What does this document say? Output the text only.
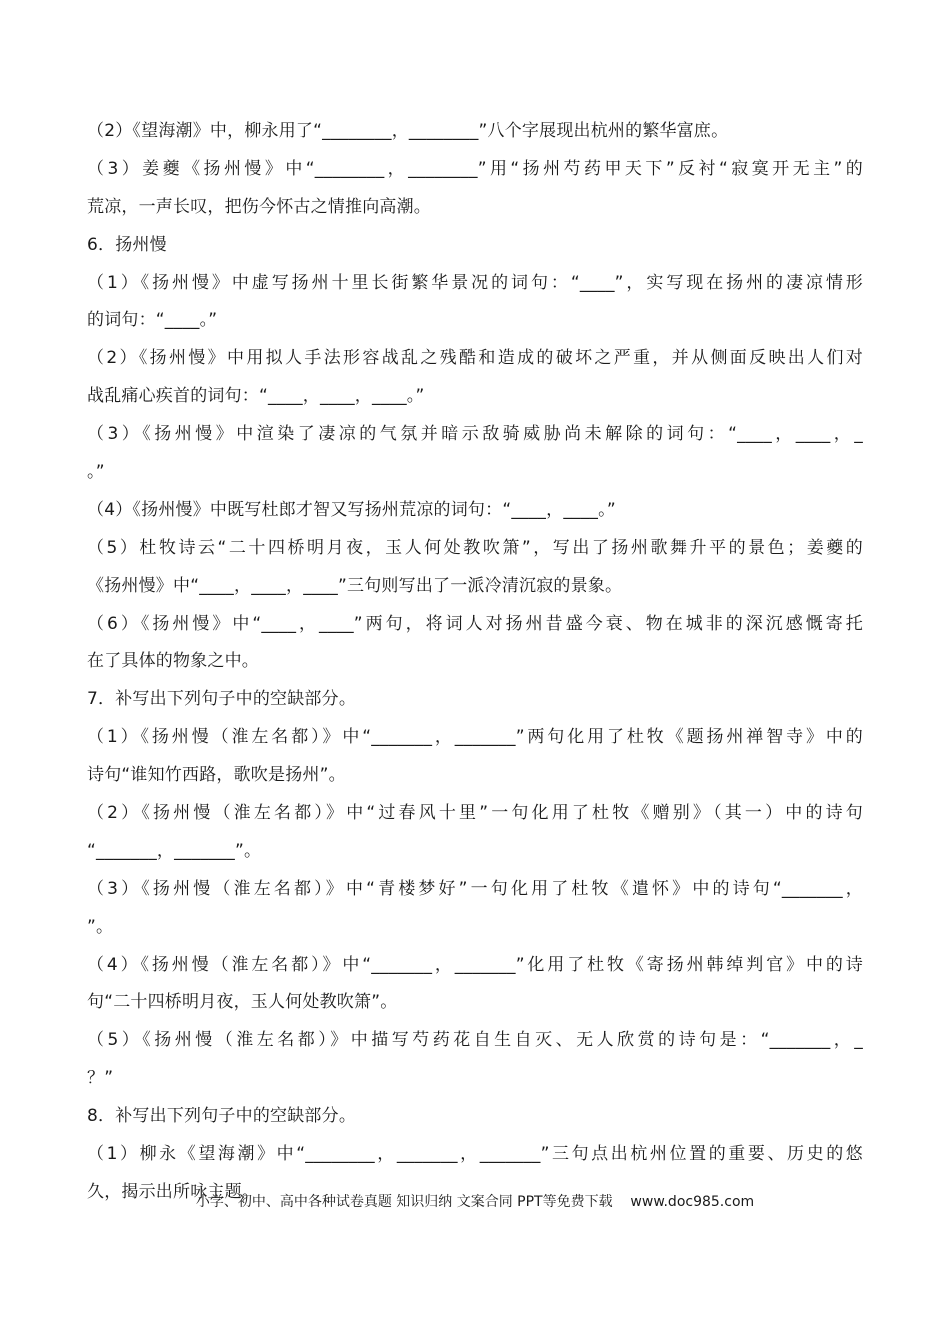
（2）《望海潮》中，柳永用了“________，________”八个字展现出杭州的繁华富庶。
（3）姜夔《扬州慢》中“________，________”用“扬州芍药甲天下”反衬“寂寞开无主”的
荒凉，一声长叹，把伤今怀古之情推向高潮。
6．扬州慢
（1）《扬州慢》中虚写扬州十里长街繁华景况的词句：“____”，实写现在扬州的凄凉情形
的词句：“____。”
（2）《扬州慢》中用拟人手法形容战乱之残酷和造成的破坏之严重，并从侧面反映出人们对
战乱痛心疾首的词句：“____，____，____。”
（3）《扬州慢》中渲染了凄凉的气氛并暗示敌骑威胁尚未解除的词句：“____，____，_
。”
（4）《扬州慢》中既写杜郎才智又写扬州荒凉的词句：“____，____。”
（5）杜牧诗云“二十四桥明月夜，玉人何处教吹箫”，写出了扬州歌舞升平的景色；姜夔的
《扬州慢》中“____，____，____”三句则写出了一派冷清沉寂的景象。
（6）《扬州慢》中“____，____”两句，将词人对扬州昔盛今衰、物在城非的深沉感慨寄托
在了具体的物象之中。
7．补写出下列句子中的空缺部分。
（1）《扬州慢（淮左名都）》中“_______，_______”两句化用了杜牧《题扬州禅智寺》中的
诗句“谁知竹西路，歌吹是扬州”。
（2）《扬州慢（淮左名都）》中“过春风十里”一句化用了杜牧《赠别》（其一）中的诗句
“_______，_______”。
（3）《扬州慢（淮左名都）》中“青楼梦好”一句化用了杜牧《遣怀》中的诗句“_______，
”。
（4）《扬州慢（淮左名都）》中“_______，_______”化用了杜牧《寄扬州韩绰判官》中的诗
句“二十四桥明月夜，玉人何处教吹箫”。
（5）《扬州慢（淮左名都）》中描写芍药花自生自灭、无人欣赏的诗句是：“_______，_
？”
8．补写出下列句子中的空缺部分。
（1）柳永《望海潮》中“________，_______，_______”三句点出杭州位置的重要、历史的悠
久，揭示出所咏主题。
小学、初中、高中各种试卷真题 知识归纳 文案合同 PPT等免费下载    www.doc985.com
